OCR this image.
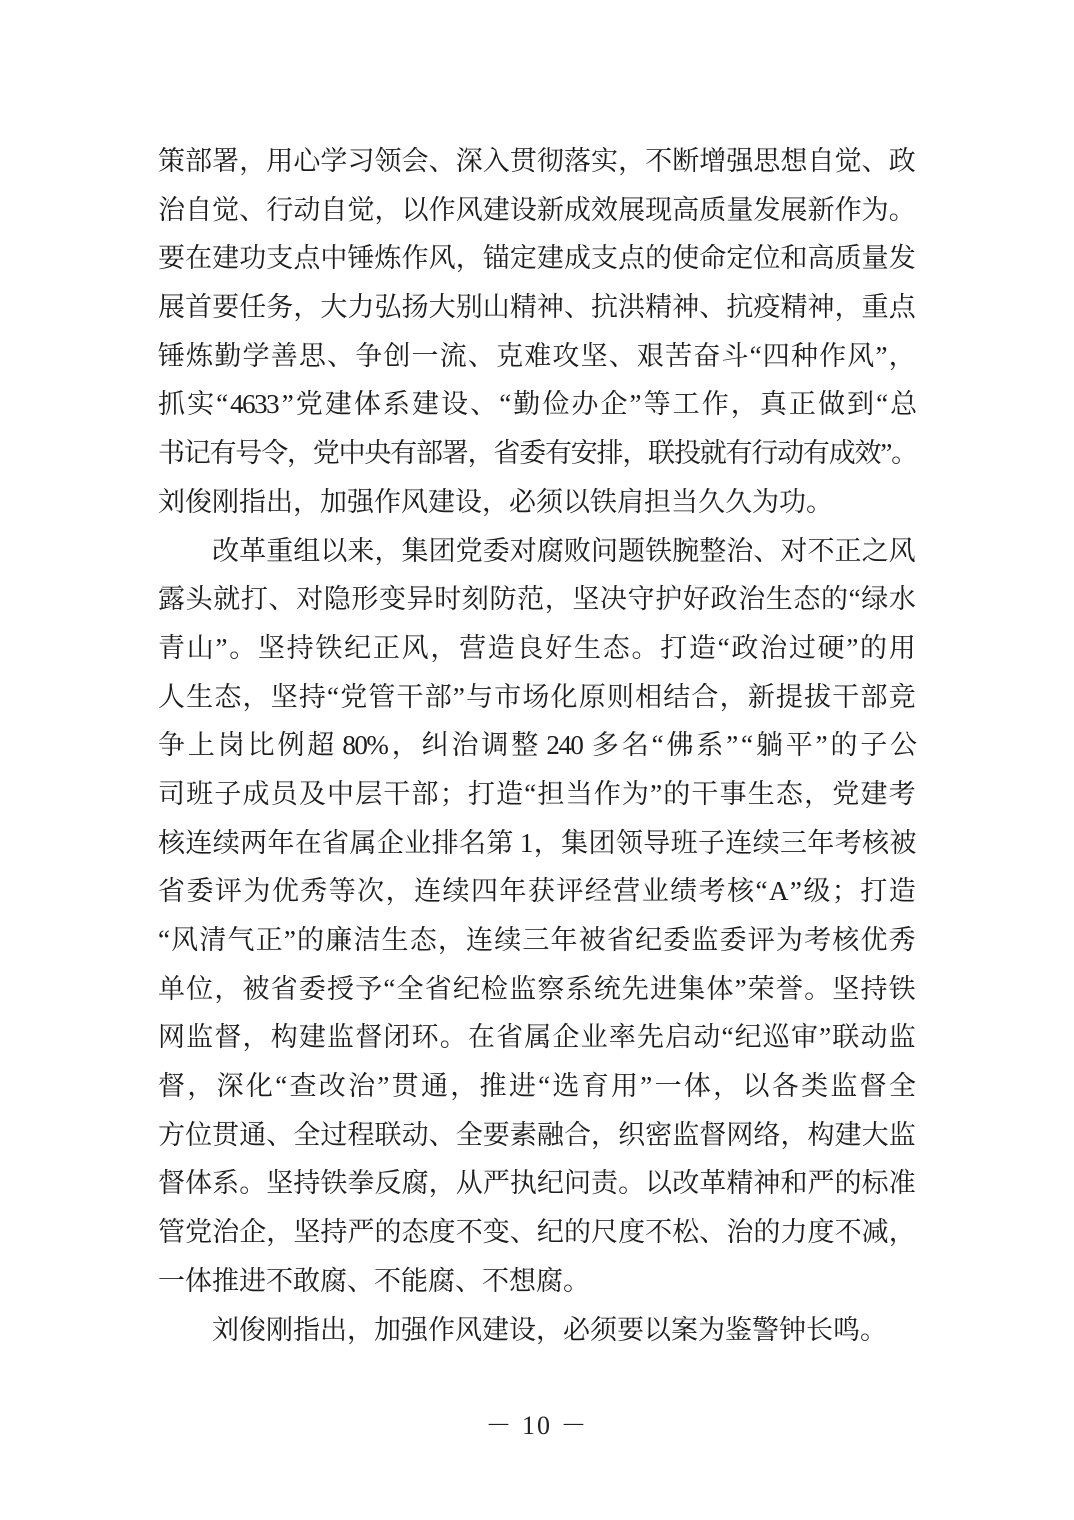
策 部 署 ， 用 心 学 习 领 会 、 深 入 贯 彻 落 实 ， 不 断 增 强 思 想 自 觉 、 政
治 自 觉 、 行 动 自 觉 ， 以 作 风 建 设 新 成 效 展 现 高 质 量 发 展 新 作 为 。
要 在 建 功 支 点 中 锤 炼 作 风 ， 锚 定 建 成 支 点 的 使 命 定 位 和 高 质 量 发
展 首 要 任 务 ， 大 力 弘 扬 大 别 山 精 神 、 抗 洪 精 神 、 抗 疫 精 神 ， 重 点
锤 炼 勤 学 善 思 、 争 创 一 流 、 克 难 攻 坚 、 艰 苦 奋 斗 “ 四 种 作 风 ” ，
抓 实 “ 4633 ” 党 建 体 系 建 设 、 “ 勤 俭 办 企 ” 等 工 作 ， 真 正 做 到 “ 总
书 记 有 号 令 ， 党 中 央 有 部 署 ， 省 委 有 安 排 ， 联 投 就 有 行 动 有 成 效 ” 。
刘俊刚指出，加强作风建设，必须以铁肩担当久久为功。
改 革 重 组 以 来 ， 集 团 党 委 对 腐 败 问 题 铁 腕 整 治 、 对 不 正 之 风
露 头 就 打 、 对 隐 形 变 异 时 刻 防 范 ， 坚 决 守 护 好 政 治 生 态 的 “ 绿 水
青 山 ” 。 坚 持 铁 纪 正 风 ， 营 造 良 好 生 态 。 打 造 “ 政 治 过 硬 ” 的 用
人 生 态 ， 坚 持 “ 党 管 干 部 ” 与 市 场 化 原 则 相 结 合 ， 新 提 拔 干 部 竞
争 上 岗 比 例 超 80% ， 纠 治 调 整 240 多 名 “ 佛 系 ” “ 躺 平 ” 的 子 公
司 班 子 成 员 及 中 层 干 部 ； 打 造 “ 担 当 作 为 ” 的 干 事 生 态 ， 党 建 考
核 连 续 两 年 在 省 属 企 业 排 名 第 1 ， 集 团 领 导 班 子 连 续 三 年 考 核 被
省 委 评 为 优 秀 等 次 ， 连 续 四 年 获 评 经 营 业 绩 考 核 “ A ” 级 ； 打 造
“ 风 清 气 正 ” 的 廉 洁 生 态 ， 连 续 三 年 被 省 纪 委 监 委 评 为 考 核 优 秀
单 位 ， 被 省 委 授 予 “ 全 省 纪 检 监 察 系 统 先 进 集 体 ” 荣 誉 。 坚 持 铁
网 监 督 ， 构 建 监 督 闭 环 。 在 省 属 企 业 率 先 启 动 “ 纪 巡 审 ” 联 动 监
督 ， 深 化 “ 查 改 治 ” 贯 通 ， 推 进 “ 选 育 用 ” 一 体 ， 以 各 类 监 督 全
方 位 贯 通 、 全 过 程 联 动 、 全 要 素 融 合 ， 织 密 监 督 网 络 ， 构 建 大 监
督 体 系 。 坚 持 铁 拳 反 腐 ， 从 严 执 纪 问 责 。 以 改 革 精 神 和 严 的 标 准
管 党 治 企 ， 坚 持 严 的 态 度 不 变 、 纪 的 尺 度 不 松 、 治 的 力 度 不 减 ，
一体推进不敢腐、不能腐、不想腐。
刘俊刚指出，加强作风建设，必须要以案为鉴警钟长鸣。
－ 10 －
